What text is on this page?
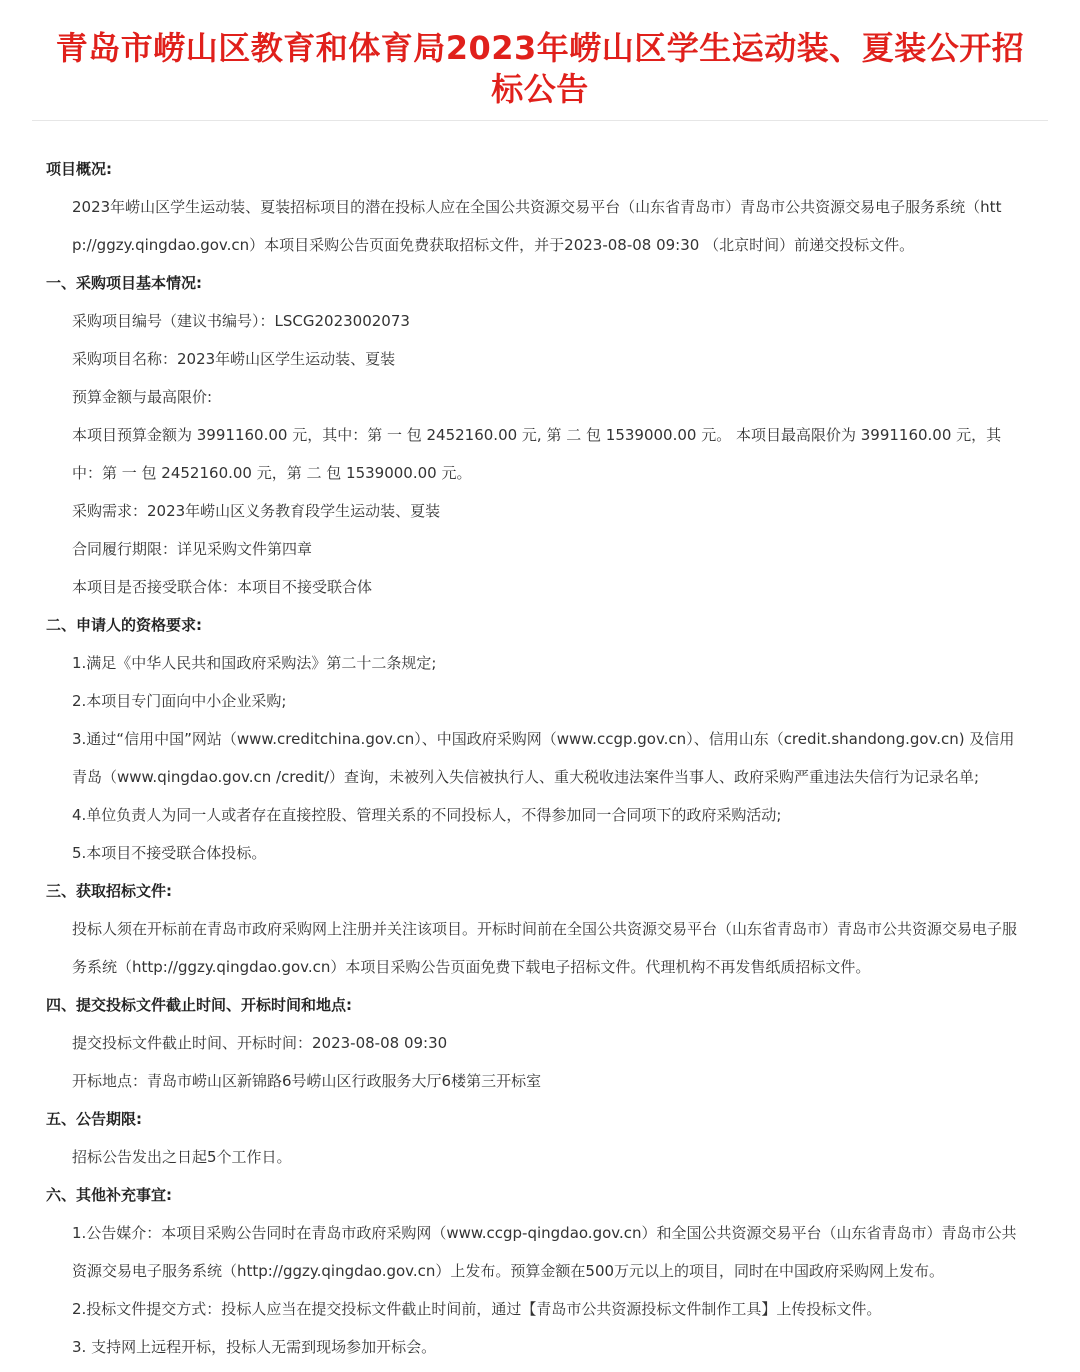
青岛市崂山区教育和体育局2023年崂山区学生运动装、夏装公开招标公告

项目概况:

2023年崂山区学生运动装、夏装招标项目的潜在投标人应在全国公共资源交易平台（山东省青岛市）青岛市公共资源交易电子服务系统（http://ggzy.qingdao.gov.cn）本项目采购公告页面免费获取招标文件，并于2023-08-08 09:30 （北京时间）前递交投标文件。

一、采购项目基本情况:

采购项目编号（建议书编号）：LSCG2023002073

采购项目名称：2023年崂山区学生运动装、夏装

预算金额与最高限价:

本项目预算金额为 3991160.00 元，其中：第 一 包 2452160.00 元, 第 二 包 1539000.00 元。 本项目最高限价为 3991160.00 元，其中：第 一 包 2452160.00 元，第 二 包 1539000.00 元。

采购需求：2023年崂山区义务教育段学生运动装、夏装

合同履行期限：详见采购文件第四章

本项目是否接受联合体：本项目不接受联合体

二、申请人的资格要求:

1.满足《中华人民共和国政府采购法》第二十二条规定;

2.本项目专门面向中小企业采购;

3.通过“信用中国”网站（www.creditchina.gov.cn）、中国政府采购网（www.ccgp.gov.cn）、信用山东（credit.shandong.gov.cn) 及信用青岛（www.qingdao.gov.cn /credit/）查询，未被列入失信被执行人、重大税收违法案件当事人、政府采购严重违法失信行为记录名单;

4.单位负责人为同一人或者存在直接控股、管理关系的不同投标人，不得参加同一合同项下的政府采购活动;

5.本项目不接受联合体投标。

三、获取招标文件:

投标人须在开标前在青岛市政府采购网上注册并关注该项目。开标时间前在全国公共资源交易平台（山东省青岛市）青岛市公共资源交易电子服务系统（http://ggzy.qingdao.gov.cn）本项目采购公告页面免费下载电子招标文件。代理机构不再发售纸质招标文件。

四、提交投标文件截止时间、开标时间和地点:

提交投标文件截止时间、开标时间：2023-08-08 09:30

开标地点：青岛市崂山区新锦路6号崂山区行政服务大厅6楼第三开标室

五、公告期限:

招标公告发出之日起5个工作日。

六、其他补充事宜:

1.公告媒介：本项目采购公告同时在青岛市政府采购网（www.ccgp-qingdao.gov.cn）和全国公共资源交易平台（山东省青岛市）青岛市公共资源交易电子服务系统（http://ggzy.qingdao.gov.cn）上发布。预算金额在500万元以上的项目，同时在中国政府采购网上发布。

2.投标文件提交方式：投标人应当在提交投标文件截止时间前，通过【青岛市公共资源投标文件制作工具】上传投标文件。

3. 支持网上远程开标，投标人无需到现场参加开标会。
